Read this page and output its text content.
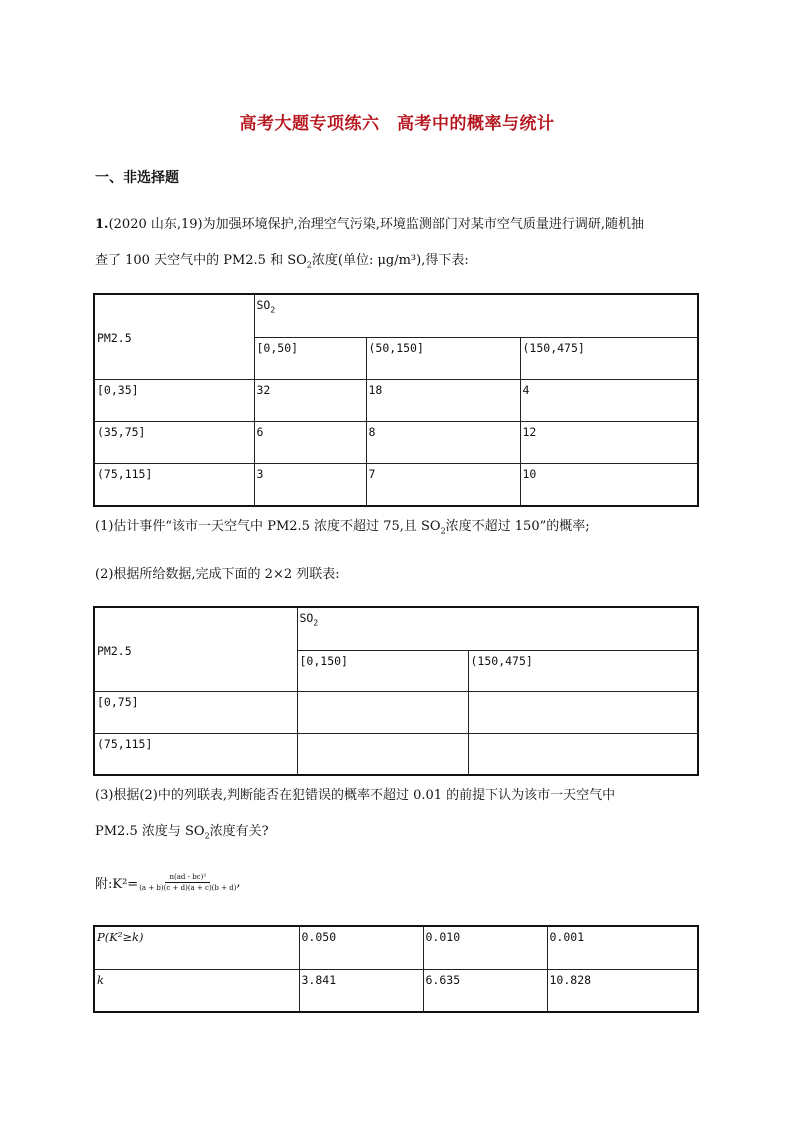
高考大题专项练六　高考中的概率与统计
一、非选择题
1.(2020 山东,19)为加强环境保护,治理空气污染,环境监测部门对某市空气质量进行调研,随机抽
查了 100 天空气中的 PM2.5 和 $SO_2$浓度(单位: μg/m³),得下表:
PM2.5	$SO_2$
	[0,50]	(50,150]	(150,475]
[0,35]	32	18	4
(35,75]	6	8	12
(75,115]	3	7	10
(1)估计事件“该市一天空气中 PM2.5 浓度不超过 75,且 $SO_2$浓度不超过 150”的概率;
(2)根据所给数据,完成下面的 2×2 列联表:
PM2.5	$SO_2$
	[0,150]	(150,475]
[0,75]		
(75,115]		
(3)根据(2)中的列联表,判断能否在犯错误的概率不超过 0.01 的前提下认为该市一天空气中
PM2.5 浓度与 $SO_2$浓度有关?
附:K²= $\frac{\text{n(ad - bc)²}}{(a + b)(c + d)(a + c)(b + d)}$ ,
P(K²≥k)	0.050	0.010	0.001
k	3.841	6.635	10.828
